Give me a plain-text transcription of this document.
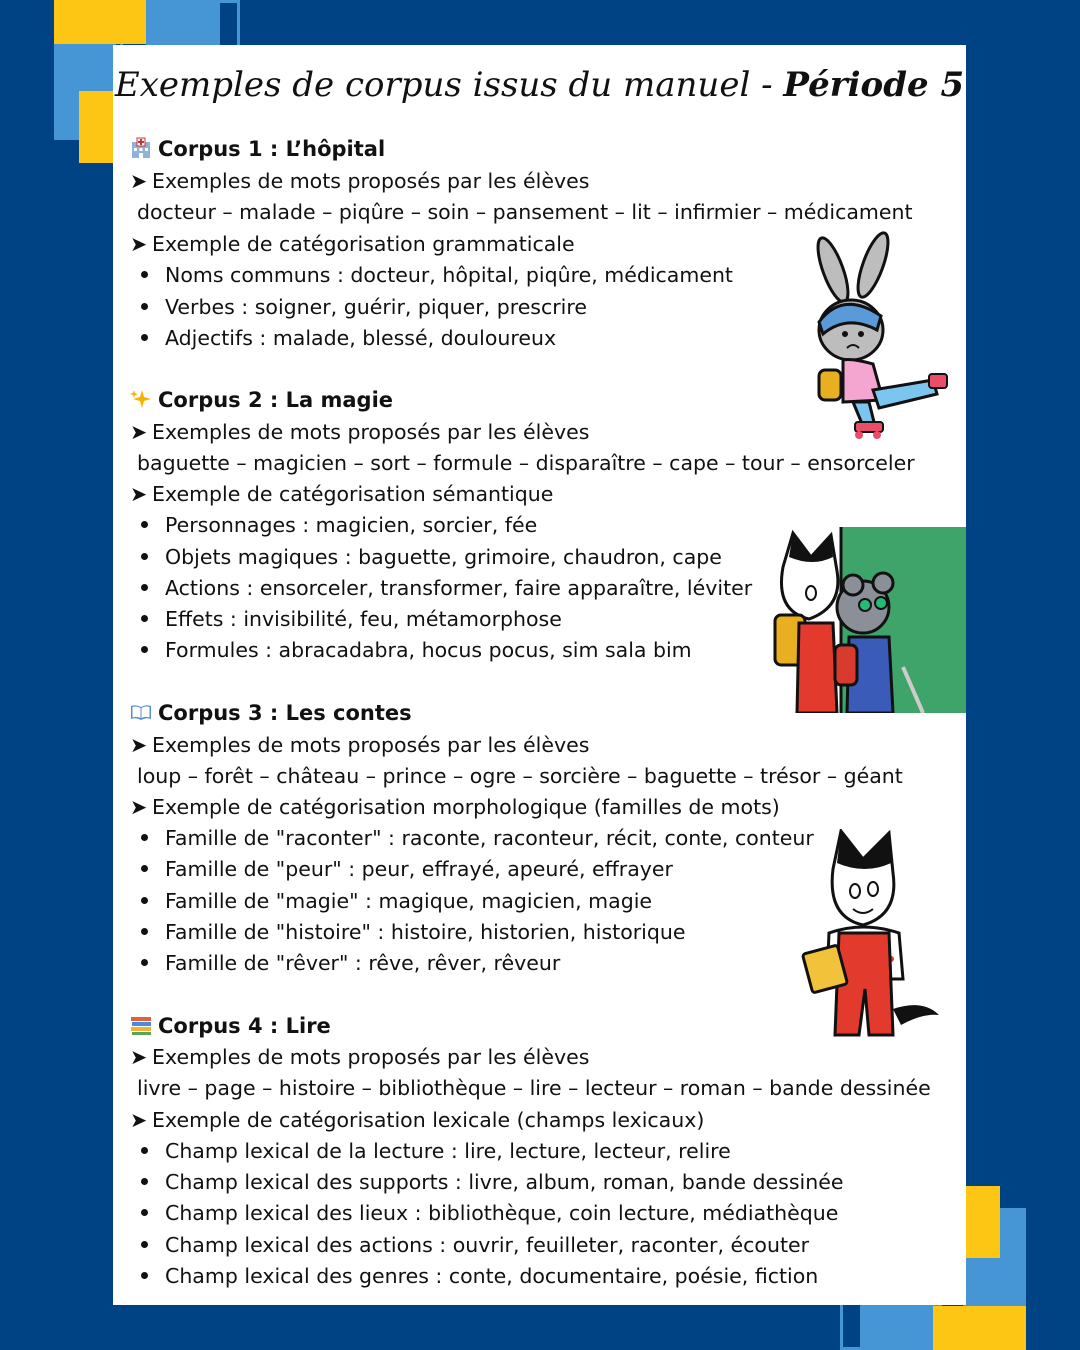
Exemples de corpus issus du manuel - Période 5
Corpus 1 : L’hôpital
➤ Exemples de mots proposés par les élèves
docteur – malade – piqûre – soin – pansement – lit – infirmier – médicament
➤ Exemple de catégorisation grammaticale
Noms communs : docteur, hôpital, piqûre, médicament
Verbes : soigner, guérir, piquer, prescrire
Adjectifs : malade, blessé, douloureux
Corpus 2 : La magie
➤ Exemples de mots proposés par les élèves
baguette – magicien – sort – formule – disparaître – cape – tour – ensorceler
➤ Exemple de catégorisation sémantique
Personnages : magicien, sorcier, fée
Objets magiques : baguette, grimoire, chaudron, cape
Actions : ensorceler, transformer, faire apparaître, léviter
Effets : invisibilité, feu, métamorphose
Formules : abracadabra, hocus pocus, sim sala bim
Corpus 3 : Les contes
➤ Exemples de mots proposés par les élèves
loup – forêt – château – prince – ogre – sorcière – baguette – trésor – géant
➤ Exemple de catégorisation morphologique (familles de mots)
Famille de "raconter" : raconte, raconteur, récit, conte, conteur
Famille de "peur" : peur, effrayé, apeuré, effrayer
Famille de "magie" : magique, magicien, magie
Famille de "histoire" : histoire, historien, historique
Famille de "rêver" : rêve, rêver, rêveur
Corpus 4 : Lire
➤ Exemples de mots proposés par les élèves
livre – page – histoire – bibliothèque – lire – lecteur – roman – bande dessinée
➤ Exemple de catégorisation lexicale (champs lexicaux)
Champ lexical de la lecture : lire, lecture, lecteur, relire
Champ lexical des supports : livre, album, roman, bande dessinée
Champ lexical des lieux : bibliothèque, coin lecture, médiathèque
Champ lexical des actions : ouvrir, feuilleter, raconter, écouter
Champ lexical des genres : conte, documentaire, poésie, fiction
